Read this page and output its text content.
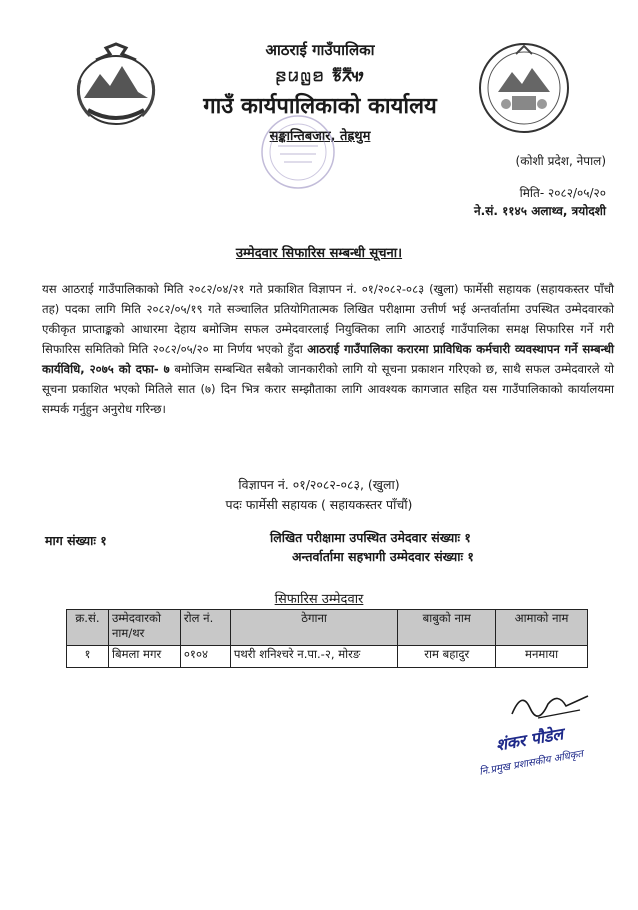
आठराई गाउँपालिका
ꤔꤣꤜꤤ ᤃᤠ᤺ᤖᤠ᤺ᤵᤣ
गाउँ कार्यपालिकाको कार्यालय
सङ्कान्तिबजार, तेह्रथुम
(कोशी प्रदेश, नेपाल)
मिति- २०८२/०५/२०
ने.सं. ११४५ अलाथ्व, त्रयोदशी
उम्मेदवार सिफारिस सम्बन्धी सूचना।
यस आठराई गाउँपालिकाको मिति २०८२/०४/२१ गते प्रकाशित विज्ञापन नं. ०१/२०८२-०८३ (खुला) फार्मेसी सहायक (सहायकस्तर पाँचौ तह) पदका लागि मिति २०८२/०५/१९ गते सञ्चालित प्रतियोगितात्मक लिखित परीक्षामा उत्तीर्ण भई अन्तर्वार्तामा उपस्थित उम्मेदवारको एकीकृत प्राप्ताङ्कको आधारमा देहाय बमोजिम सफल उम्मेदवारलाई नियुक्तिका लागि आठराई गाउँपालिका समक्ष सिफारिस गर्ने गरी सिफारिस समितिको मिति २०८२/०५/२० मा निर्णय भएको हुँदा आठराई गाउँपालिका करारमा प्राविधिक कर्मचारी व्यवस्थापन गर्ने सम्बन्धी कार्यविधि, २०७५ को दफा- ७ बमोजिम सम्बन्धित सबैको जानकारीको लागि यो सूचना प्रकाशन गरिएको छ, साथै सफल उम्मेदवारले यो सूचना प्रकाशित भएको मितिले सात (७) दिन भित्र करार सम्झौताका लागि आवश्यक कागजात सहित यस गाउँपालिकाको कार्यालयमा सम्पर्क गर्नुहुन अनुरोध गरिन्छ।
विज्ञापन नं. ०१/२०८२-०८३, (खुला)
पदः फार्मेसी सहायक ( सहायकस्तर पाँचौं)
माग संख्याः १	लिखित परीक्षामा उपस्थित उमेदवार संख्याः १
अन्तर्वार्तामा सहभागी उम्मेदवार संख्याः १
सिफारिस उम्मेदवार
क्र.सं.	उम्मेदवारको नाम/थर	रोल नं.	ठेगाना	बाबुको नाम	आमाको नाम
१	बिमला मगर	०१०४	पथरी शनिश्चरे न.पा.-२, मोरङ	राम बहादुर	मनमाया
शंकर पौडेल
नि.प्रमुख प्रशासकीय अधिकृत
